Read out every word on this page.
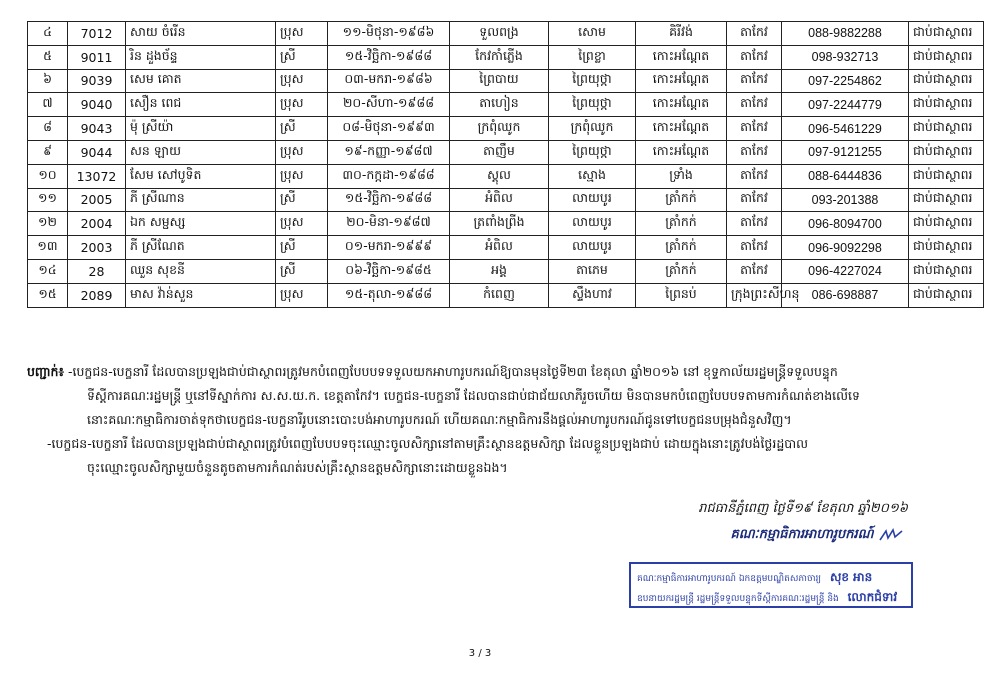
៤	7012	សាយ ចំរើន	ប្រុស	១១-មិថុនា-១៩៨៦	ទួលពង្រ	សោម	គិរីវង់	តាកែវ	088-9882288	ជាប់ជាស្ថាពរ
៥	9011	រិន ដួងច័ន្ទ	ស្រី	១៥-វិច្ឆិកា-១៩៨៨	កែវកាំភ្លើង	ព្រៃខ្លា	កោះអណ្តែត	តាកែវ	098-932713	ជាប់ជាស្ថាពរ
៦	9039	សេម គោត	ប្រុស	០៣-មករា-១៩៨៦	ព្រៃបាយ	ព្រៃយុថ្កា	កោះអណ្តែត	តាកែវ	097-2254862	ជាប់ជាស្ថាពរ
៧	9040	សឿន ពេជ	ប្រុស	២០-សីហា-១៩៨៨	តាហៀន	ព្រៃយុថ្កា	កោះអណ្តែត	តាកែវ	097-2244779	ជាប់ជាស្ថាពរ
៨	9043	ម៉ុ ស្រីយ៉ា	ស្រី	០៨-មិថុនា-១៩៩៣	ក្រពុំឈូក	ក្រពុំឈូក	កោះអណ្តែត	តាកែវ	096-5461229	ជាប់ជាស្ថាពរ
៩	9044	សន ឡាយ	ប្រុស	១៩-កញ្ញា-១៩៨៧	តាញឹម	ព្រៃយុថ្កា	កោះអណ្តែត	តាកែវ	097-9121255	ជាប់ជាស្ថាពរ
១០	13072	សែម សៅបូទិត	ប្រុស	៣០-កក្កដា-១៩៨៨	ស្តុល	ស្មោង	ទ្រាំង	តាកែវ	088-6444836	ជាប់ជាស្ថាពរ
១១	2005	ភី ស្រីណាន	ស្រី	១៥-វិច្ឆិកា-១៩៨៨	អំពិល	លាយបូរ	ត្រាំកក់	តាកែវ	093-201388	ជាប់ជាស្ថាពរ
១២	2004	ឯក សម្ផស្ស	ប្រុស	២០-មិនា-១៩៨៧	ត្រពាំងព្រីង	លាយបូរ	ត្រាំកក់	តាកែវ	096-8094700	ជាប់ជាស្ថាពរ
១៣	2003	ភី ស្រីណែត	ស្រី	០១-មករា-១៩៩៩	អំពិល	លាយបូរ	ត្រាំកក់	តាកែវ	096-9092298	ជាប់ជាស្ថាពរ
១៤	28	ឈួន សុខនី	ស្រី	០៦-វិច្ឆិកា-១៩៨៥	អង្គ	តាភេម	ត្រាំកក់	តាកែវ	096-4227024	ជាប់ជាស្ថាពរ
១៥	2089	មាស វ៉ាន់សួន	ប្រុស	១៥-តុលា-១៩៨៨	កំពេញ	ស្ទឹងហាវ	ព្រៃនប់	ក្រុងព្រះសីហនុ	086-698887	ជាប់ជាស្ថាពរ
បញ្ជាក់៖ -បេក្ខជន-បេក្ខនារី ដែលបានប្រឡងជាប់ជាស្ថាពរត្រូវមកបំពេញបែបបទទទួលយកអាហារូបករណ៍ឱ្យបានមុនថ្ងៃទី២៣ ខែតុលា ឆ្នាំ២០១៦ នៅ ខុទ្ទកាល័យរដ្ឋមន្ត្រីទទួលបន្ទុក
ទីស្តីការគណៈរដ្ឋមន្ត្រី ឬនៅទីស្នាក់ការ ស.ស.យ.ក. ខេត្តតាកែវ។ បេក្ខជន-បេក្ខនារី ដែលបានជាប់ជាជ័យលាភីរួចហើយ មិនបានមកបំពេញបែបបទតាមការកំណត់ខាងលើទេ
នោះគណៈកម្មាធិការចាត់ទុកថាបេក្ខជន-បេក្ខនារីរូបនោះបោះបង់អាហារូបករណ៍ ហើយគណៈកម្មាធិការនឹងផ្តល់អាហារូបករណ៍ជូនទៅបេក្ខជនបម្រុងជំនួសវិញ។
-បេក្ខជន-បេក្ខនារី ដែលបានប្រឡងជាប់ជាស្ថាពរត្រូវបំពេញបែបបទចុះឈ្មោះចូលសិក្សានៅតាមគ្រឹះស្ថានឧត្តមសិក្សា ដែលខ្លួនប្រឡងជាប់ ដោយក្នុងនោះត្រូវបង់ថ្លៃរដ្ឋបាល
ចុះឈ្មោះចូលសិក្សាមួយចំនួនតូចតាមការកំណត់របស់គ្រឹះស្ថានឧត្តមសិក្សានោះដោយខ្លួនឯង។
រាជធានីភ្នំពេញ ថ្ងៃទី១៩ ខែតុលា ឆ្នាំ២០១៦
គណៈកម្មាធិការអាហារូបករណ៍
គណៈកម្មាធិការអាហារូបករណ៍ ឯកឧត្តមបណ្ឌិតសភាចារ្យ សុខ អាន
ឧបនាយករដ្ឋមន្ត្រី រដ្ឋមន្ត្រីទទួលបន្ទុកទីស្តីការគណៈរដ្ឋមន្ត្រី និង លោកជំទាវ
3 / 3
